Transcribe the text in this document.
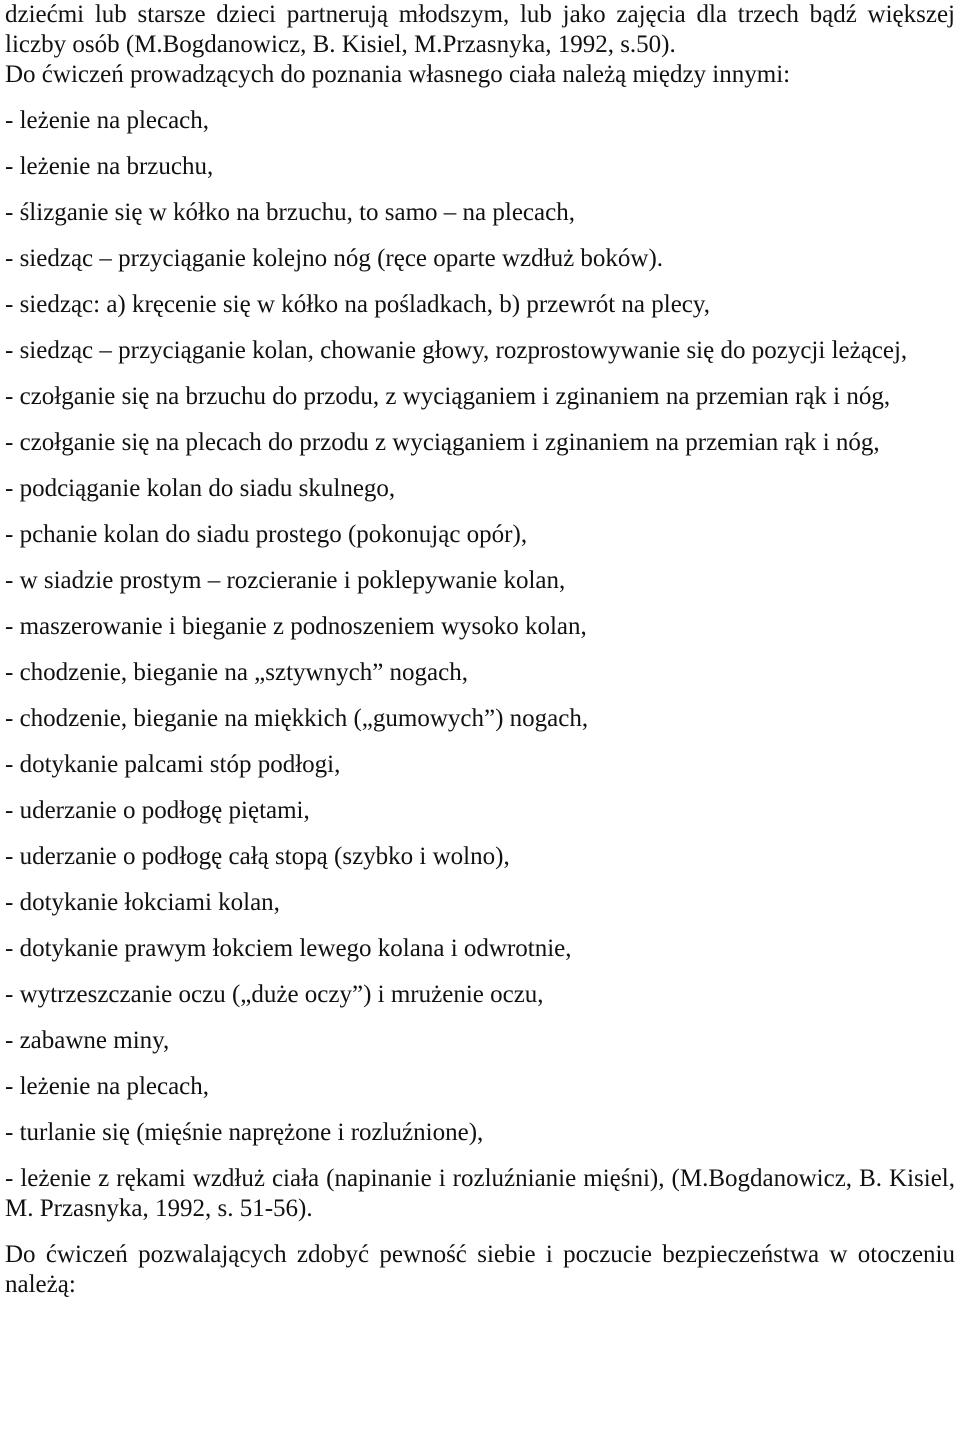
dziećmi lub starsze dzieci partnerują młodszym, lub jako zajęcia dla trzech bądź większej liczby osób (M.Bogdanowicz, B. Kisiel, M.Przasnyka, 1992, s.50).

Do ćwiczeń prowadzących do poznania własnego ciała należą między innymi:

- leżenie na plecach,

- leżenie na brzuchu,

- ślizganie się w kółko na brzuchu, to samo – na plecach,

- siedząc – przyciąganie kolejno nóg (ręce oparte wzdłuż boków).

- siedząc: a) kręcenie się w kółko na pośladkach, b) przewrót na plecy,

- siedząc – przyciąganie kolan, chowanie głowy, rozprostowywanie się do pozycji leżącej,

- czołganie się na brzuchu do przodu, z wyciąganiem i zginaniem na przemian rąk i nóg,

- czołganie się na plecach do przodu z wyciąganiem i zginaniem na przemian rąk i nóg,

- podciąganie kolan do siadu skulnego,

- pchanie kolan do siadu prostego (pokonując opór),

- w siadzie prostym – rozcieranie i poklepywanie kolan,

- maszerowanie i bieganie z podnoszeniem wysoko kolan,

- chodzenie, bieganie na „sztywnych” nogach,

- chodzenie, bieganie na miękkich („gumowych”) nogach,

- dotykanie palcami stóp podłogi,

- uderzanie o podłogę piętami,

- uderzanie o podłogę całą stopą (szybko i wolno),

- dotykanie łokciami kolan,

- dotykanie prawym łokciem lewego kolana i odwrotnie,

- wytrzeszczanie oczu („duże oczy”) i mrużenie oczu,

- zabawne miny,

- leżenie na plecach,

- turlanie się (mięśnie naprężone i rozluźnione),

- leżenie z rękami wzdłuż ciała (napinanie i rozluźnianie mięśni), (M.Bogdanowicz, B. Kisiel, M. Przasnyka, 1992, s. 51-56).

Do ćwiczeń pozwalających zdobyć pewność siebie i poczucie bezpieczeństwa w otoczeniu należą:
